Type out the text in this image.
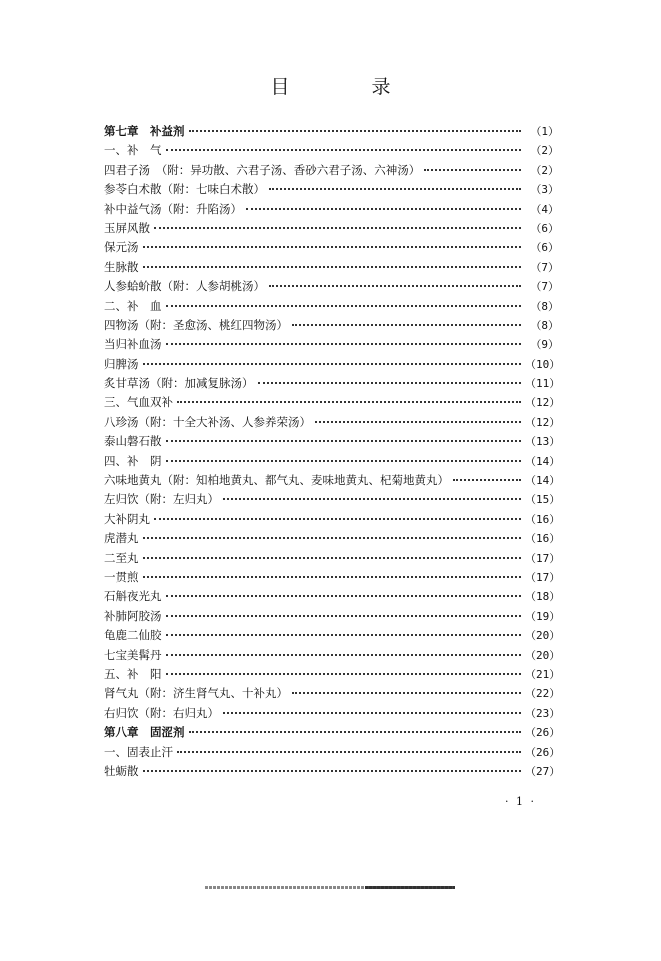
目 录
第七章　补益剂	（1）
一、补　气	（2）
四君子汤　（附：异功散、六君子汤、香砂六君子汤、六神汤）	（2）
参苓白术散（附：七味白术散）	（3）
补中益气汤（附：升陷汤）	（4）
玉屏风散	（6）
保元汤	（6）
生脉散	（7）
人参蛤蚧散（附：人参胡桃汤）	（7）
二、补　血	（8）
四物汤（附：圣愈汤、桃红四物汤）	（8）
当归补血汤	（9）
归脾汤	（10）
炙甘草汤（附：加减复脉汤）	（11）
三、气血双补	（12）
八珍汤（附：十全大补汤、人参养荣汤）	（12）
泰山磐石散	（13）
四、补　阴	（14）
六味地黄丸（附：知柏地黄丸、都气丸、麦味地黄丸、杞菊地黄丸）	（14）
左归饮（附：左归丸）	（15）
大补阴丸	（16）
虎潜丸	（16）
二至丸	（17）
一贯煎	（17）
石斛夜光丸	（18）
补肺阿胶汤	（19）
龟鹿二仙胶	（20）
七宝美髯丹	（20）
五、补　阳	（21）
肾气丸（附：济生肾气丸、十补丸）	（22）
右归饮（附：右归丸）	（23）
第八章　固涩剂	（26）
一、固表止汗	（26）
牡蛎散	（27）
· 1 ·
